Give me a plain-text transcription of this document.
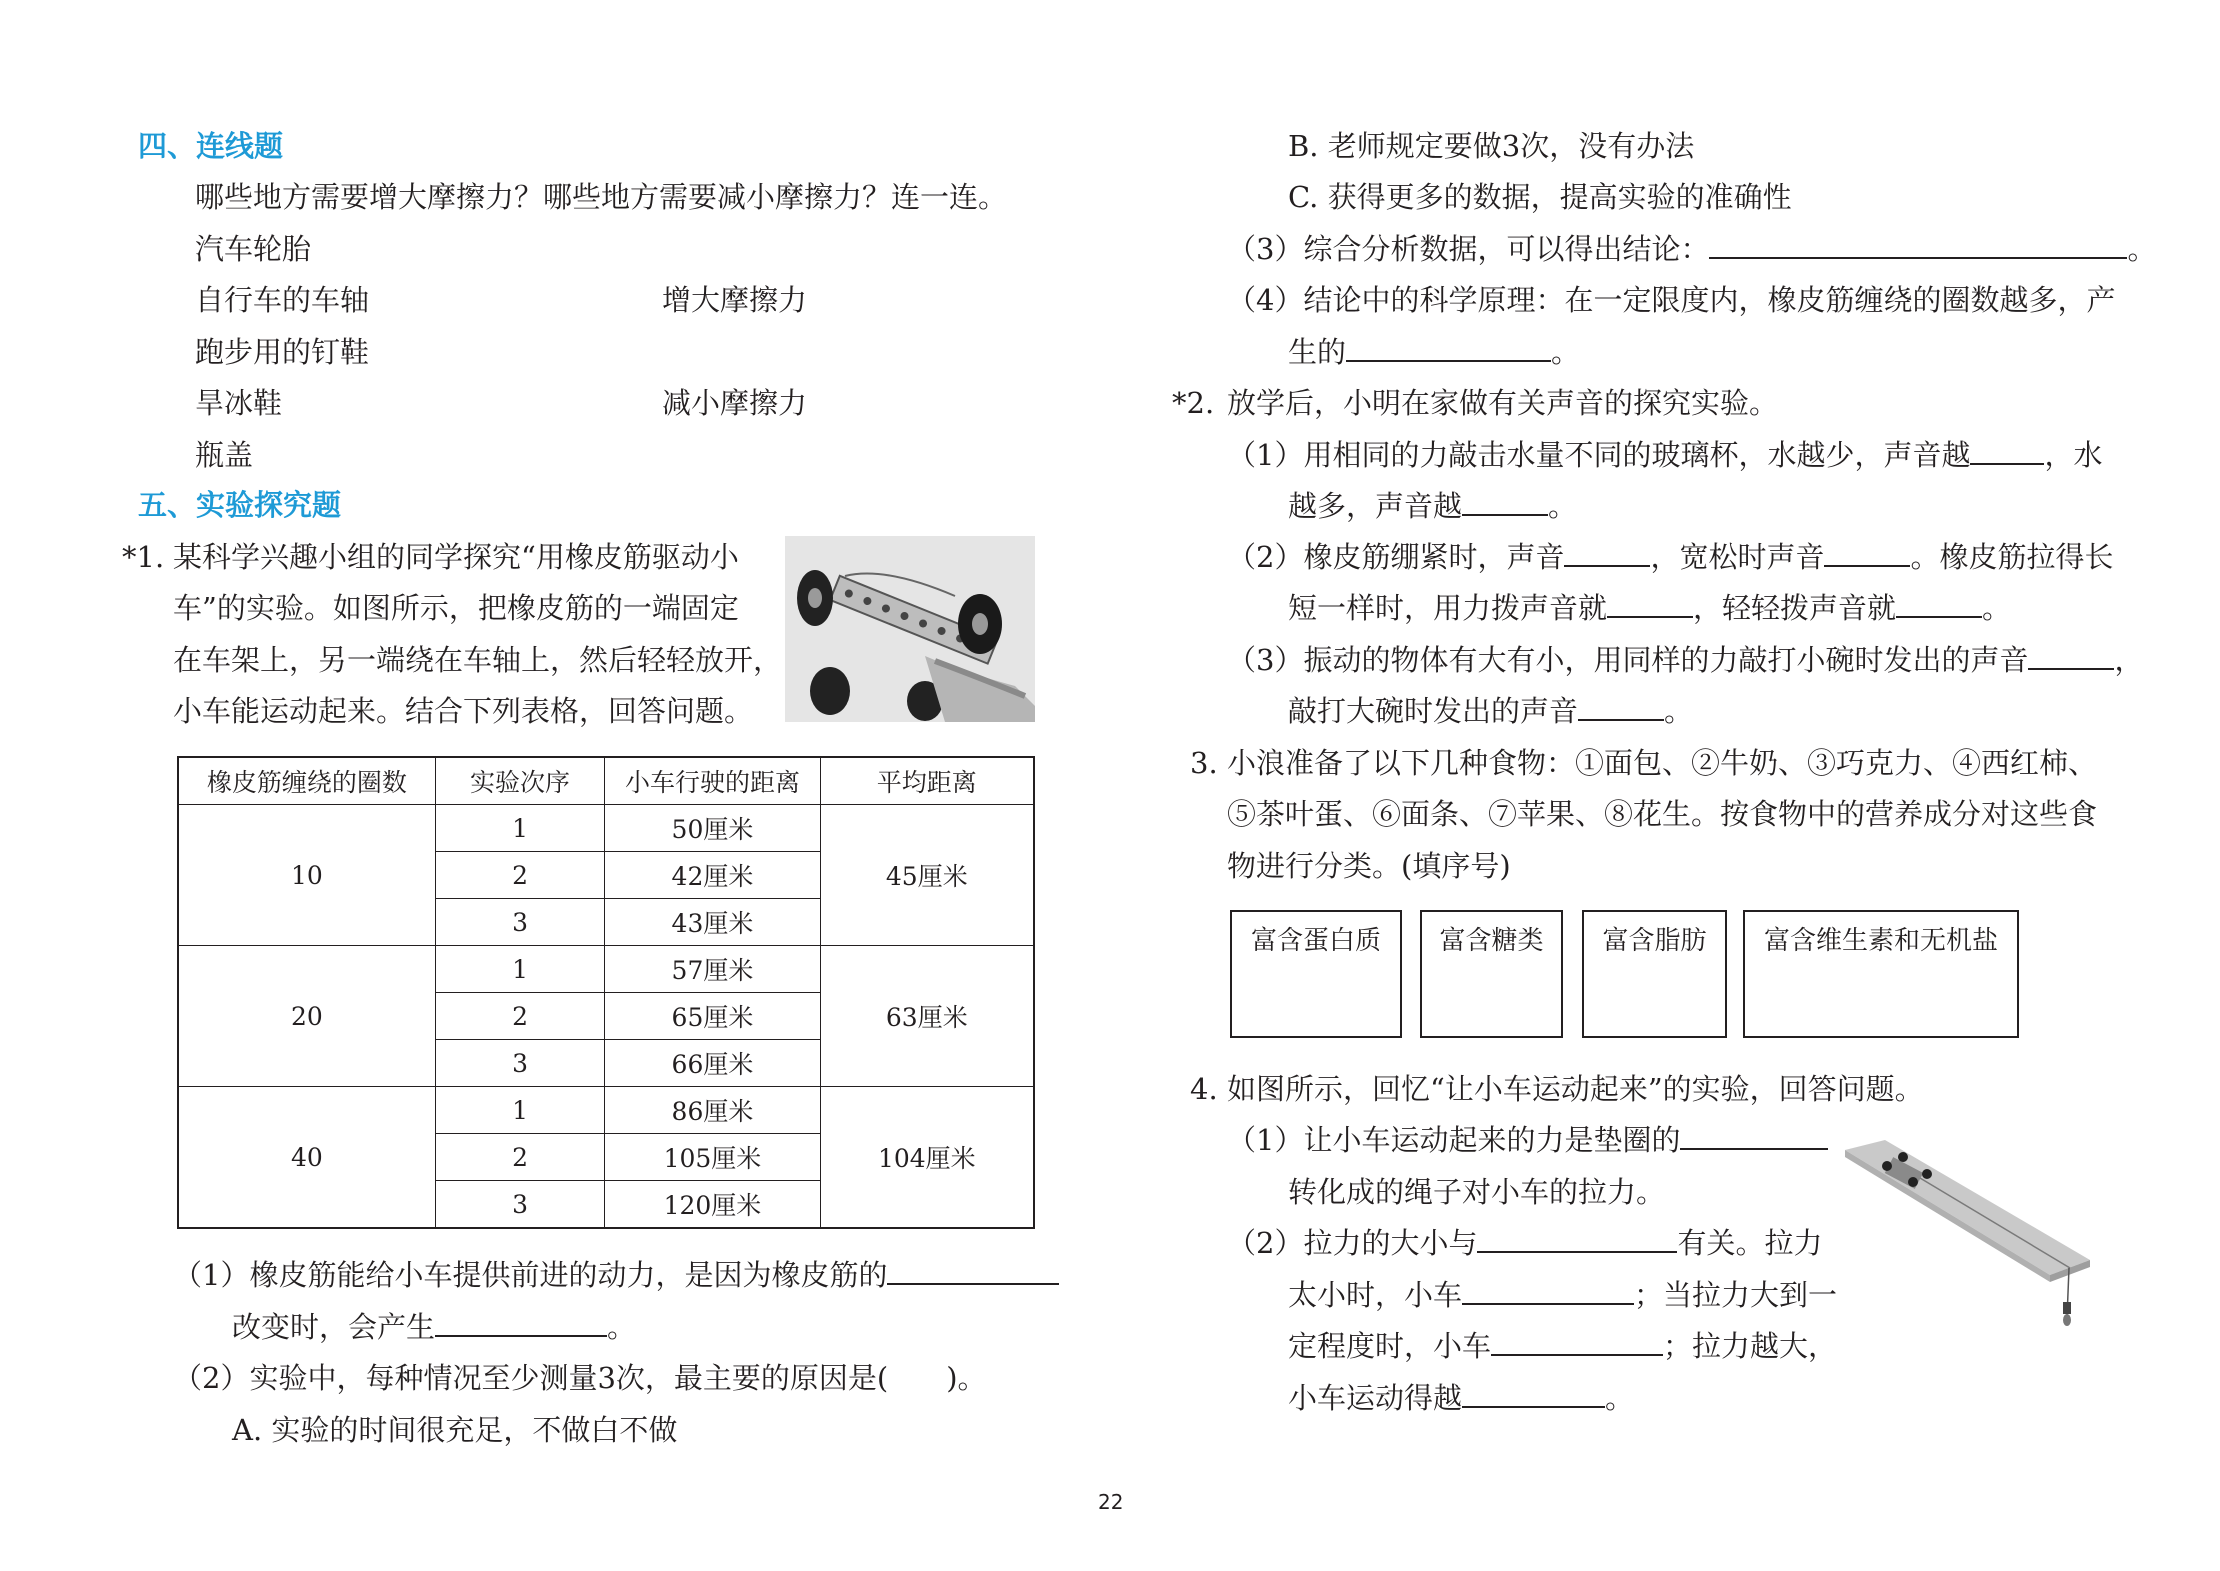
四、连线题
哪些地方需要增大摩擦力？哪些地方需要减小摩擦力？连一连。
汽车轮胎
自行车的车轴
跑步用的钉鞋
旱冰鞋
瓶盖
增大摩擦力
减小摩擦力
五、实验探究题
*1. 某科学兴趣小组的同学探究“用橡皮筋驱动小
车”的实验。如图所示，把橡皮筋的一端固定
在车架上，另一端绕在车轴上，然后轻轻放开，
小车能运动起来。结合下列表格，回答问题。
橡皮筋缠绕的圈数	实验次序	小车行驶的距离	平均距离
10	1	50厘米	45厘米
	2	42厘米	
	3	43厘米	
20	1	57厘米	63厘米
	2	65厘米	
	3	66厘米	
40	1	86厘米	104厘米
	2	105厘米	
	3	120厘米	
（1）橡皮筋能给小车提供前进的动力，是因为橡皮筋的
改变时，会产生	。
（2）实验中，每种情况至少测量3次，最主要的原因是(　　)。
A. 实验的时间很充足，不做白不做
B. 老师规定要做3次，没有办法
C. 获得更多的数据，提高实验的准确性
（3）综合分析数据，可以得出结论：	。
（4）结论中的科学原理：在一定限度内，橡皮筋缠绕的圈数越多，产
生的	。
*2. 放学后，小明在家做有关声音的探究实验。
（1）用相同的力敲击水量不同的玻璃杯，水越少，声音越	，水
越多，声音越	。
（2）橡皮筋绷紧时，声音	，宽松时声音	。橡皮筋拉得长
短一样时，用力拨声音就	，轻轻拨声音就	。
（3）振动的物体有大有小，用同样的力敲打小碗时发出的声音	，
敲打大碗时发出的声音	。
3. 小浪准备了以下几种食物：①面包、②牛奶、③巧克力、④西红柿、
⑤茶叶蛋、⑥面条、⑦苹果、⑧花生。按食物中的营养成分对这些食
物进行分类。(填序号)
富含蛋白质	富含糖类	富含脂肪	富含维生素和无机盐
4. 如图所示，回忆“让小车运动起来”的实验，回答问题。
（1）让小车运动起来的力是垫圈的
转化成的绳子对小车的拉力。
（2）拉力的大小与	有关。拉力
太小时，小车	；当拉力大到一
定程度时，小车	；拉力越大，
小车运动得越	。
22
